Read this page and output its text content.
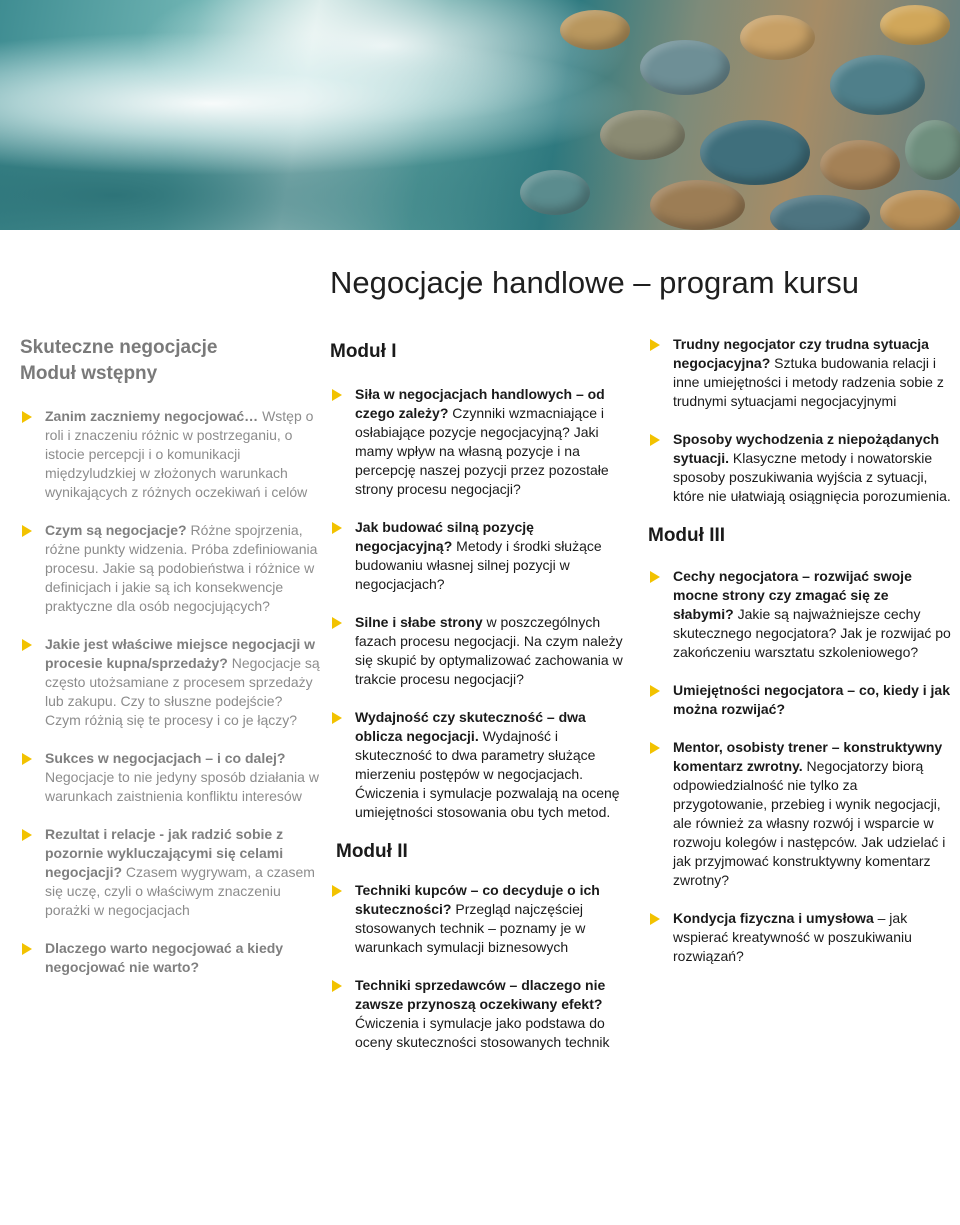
Negocjacje handlowe – program kursu
Skuteczne negocjacje
Moduł wstępny
Zanim zaczniemy negocjować… Wstęp o roli i znaczeniu różnic w postrzeganiu, o istocie percepcji i o komunikacji międzyludzkiej w złożonych warunkach wynikających z różnych oczekiwań i celów
Czym są negocjacje? Różne spojrzenia, różne punkty widzenia. Próba zdefiniowania procesu. Jakie są podobieństwa i różnice w definicjach i jakie są ich konsekwencje praktyczne dla osób negocjujących?
Jakie jest właściwe miejsce negocjacji w procesie kupna/sprzedaży? Negocjacje są często utożsamiane z procesem sprzedaży lub zakupu. Czy to słuszne podejście? Czym różnią się te procesy i co je łączy?
Sukces w negocjacjach – i co dalej? Negocjacje to nie jedyny sposób działania w warunkach zaistnienia konfliktu interesów
Rezultat i relacje - jak radzić sobie z pozornie wykluczającymi się celami negocjacji? Czasem wygrywam, a czasem się uczę, czyli o właściwym znaczeniu porażki w negocjacjach
Dlaczego warto negocjować a kiedy negocjować nie warto?
Moduł I
Siła w negocjacjach handlowych – od czego zależy? Czynniki wzmacniające i osłabiające pozycje negocjacyjną? Jaki mamy wpływ na własną pozycje i na percepcję naszej pozycji przez pozostałe strony procesu negocjacji?
Jak budować silną pozycję negocjacyjną? Metody i środki służące budowaniu własnej silnej pozycji w negocjacjach?
Silne i słabe strony w poszczególnych fazach procesu negocjacji. Na czym należy się skupić by optymalizować zachowania w trakcie procesu negocjacji?
Wydajność czy skuteczność – dwa oblicza negocjacji. Wydajność i skuteczność to dwa parametry służące mierzeniu postępów w negocjacjach. Ćwiczenia i symulacje pozwalają na ocenę umiejętności stosowania obu tych metod.
Moduł II
Techniki kupców – co decyduje o ich skuteczności? Przegląd najczęściej stosowanych technik – poznamy je w warunkach symulacji biznesowych
Techniki sprzedawców – dlaczego nie zawsze przynoszą oczekiwany efekt? Ćwiczenia i symulacje jako podstawa do oceny skuteczności stosowanych technik
Trudny negocjator czy trudna sytuacja negocjacyjna? Sztuka budowania relacji i inne umiejętności i metody radzenia sobie z trudnymi sytuacjami negocjacyjnymi
Sposoby wychodzenia z niepożądanych sytuacji. Klasyczne metody i nowatorskie sposoby poszukiwania wyjścia z sytuacji, które nie ułatwiają osiągnięcia porozumienia.
Moduł III
Cechy negocjatora – rozwijać swoje mocne strony czy zmagać się ze słabymi? Jakie są najważniejsze cechy skutecznego negocjatora? Jak je rozwijać po zakończeniu warsztatu szkoleniowego?
Umiejętności negocjatora – co, kiedy i jak można rozwijać?
Mentor, osobisty trener – konstruktywny komentarz zwrotny. Negocjatorzy biorą odpowiedzialność nie tylko za przygotowanie, przebieg i wynik negocjacji, ale również za własny rozwój i wsparcie w rozwoju kolegów i następców. Jak udzielać i jak przyjmować konstruktywny komentarz zwrotny?
Kondycja fizyczna i umysłowa – jak wspierać kreatywność w poszukiwaniu rozwiązań?
